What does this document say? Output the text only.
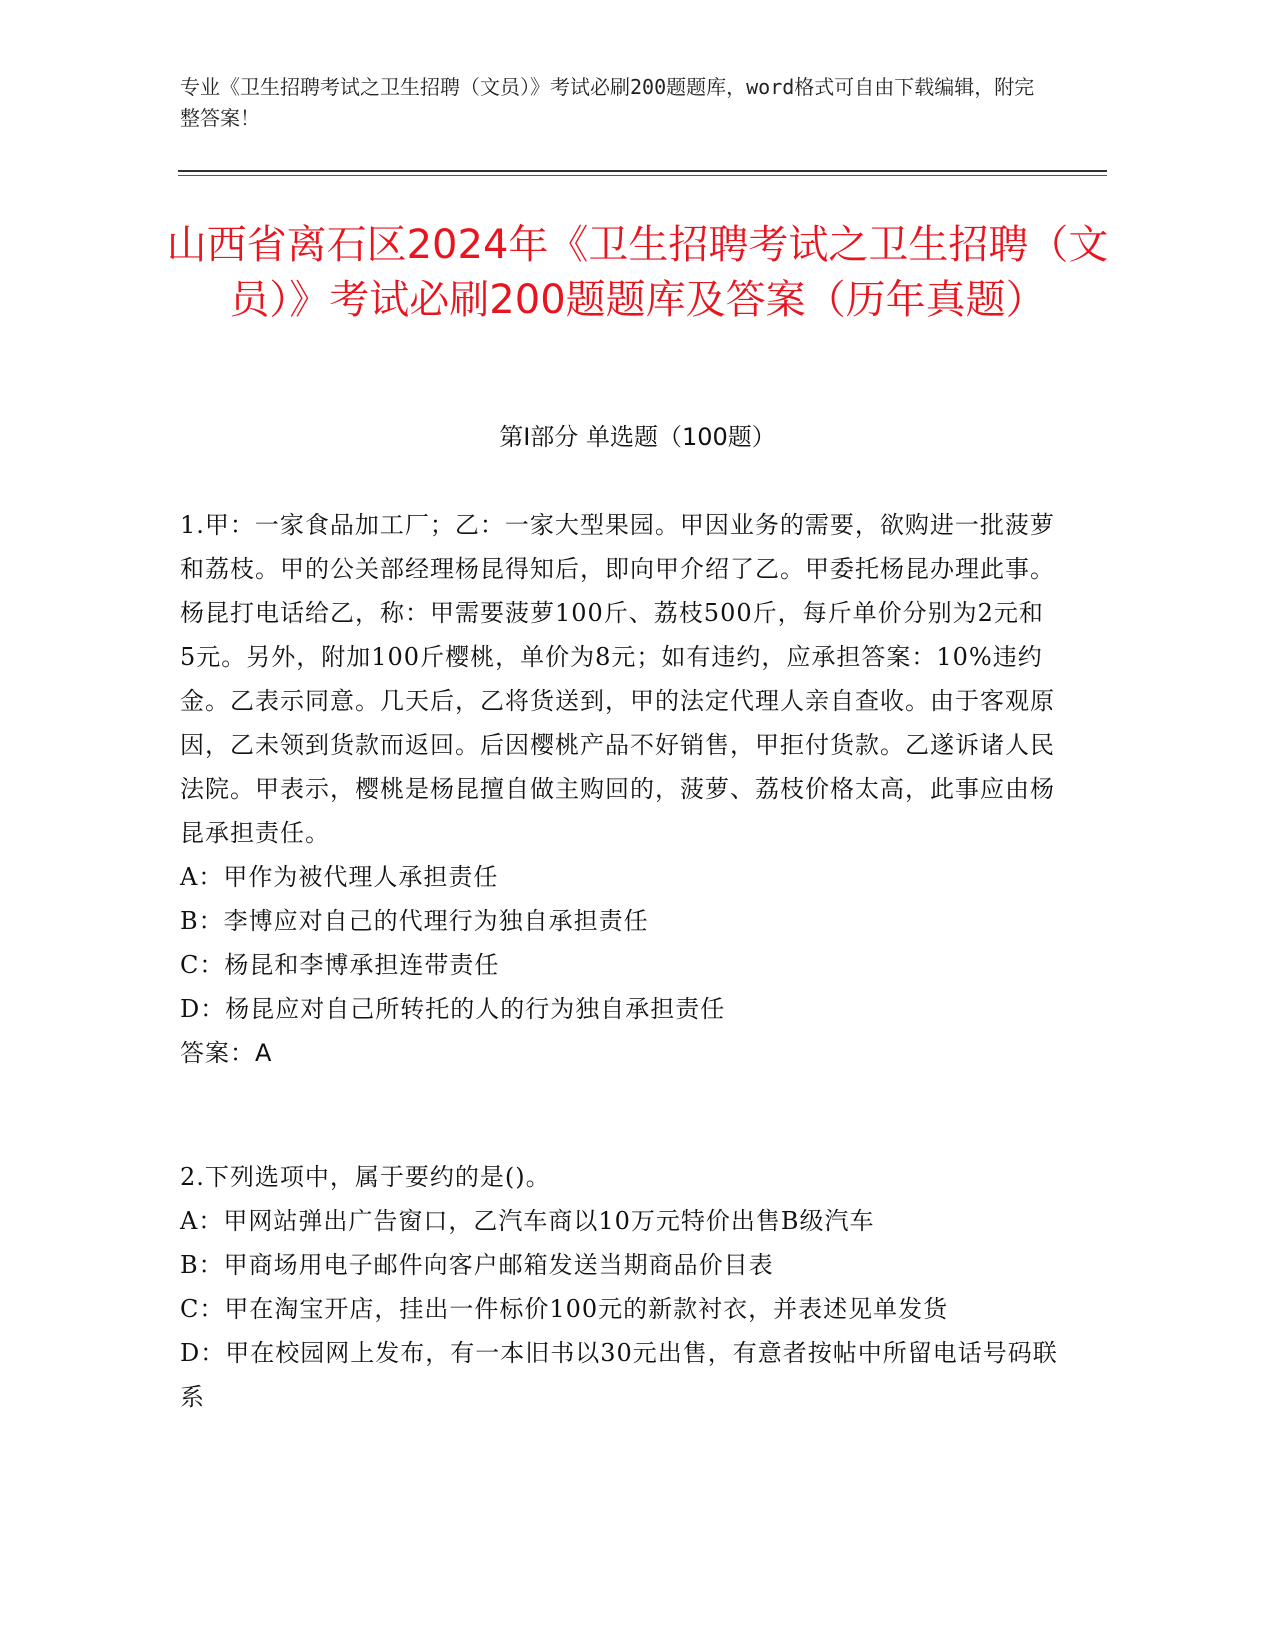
专业《卫生招聘考试之卫生招聘（文员）》考试必刷200题题库，word格式可自由下载编辑，附完整答案！
山西省离石区2024年《卫生招聘考试之卫生招聘（文员）》考试必刷200题题库及答案（历年真题）
第Ⅰ部分 单选题（100题）
1.甲：一家食品加工厂；乙：一家大型果园。甲因业务的需要，欲购进一批菠萝和荔枝。甲的公关部经理杨昆得知后，即向甲介绍了乙。甲委托杨昆办理此事。杨昆打电话给乙，称：甲需要菠萝100斤、荔枝500斤，每斤单价分别为2元和5元。另外，附加100斤樱桃，单价为8元；如有违约，应承担答案：10%违约金。乙表示同意。几天后，乙将货送到，甲的法定代理人亲自查收。由于客观原因，乙未领到货款而返回。后因樱桃产品不好销售，甲拒付货款。乙遂诉诸人民法院。甲表示，樱桃是杨昆擅自做主购回的，菠萝、荔枝价格太高，此事应由杨昆承担责任。
A：甲作为被代理人承担责任
B：李博应对自己的代理行为独自承担责任
C：杨昆和李博承担连带责任
D：杨昆应对自己所转托的人的行为独自承担责任
答案：A
2.下列选项中，属于要约的是()。
A：甲网站弹出广告窗口，乙汽车商以10万元特价出售B级汽车
B：甲商场用电子邮件向客户邮箱发送当期商品价目表
C：甲在淘宝开店，挂出一件标价100元的新款衬衣，并表述见单发货
D：甲在校园网上发布，有一本旧书以30元出售，有意者按帖中所留电话号码联系
